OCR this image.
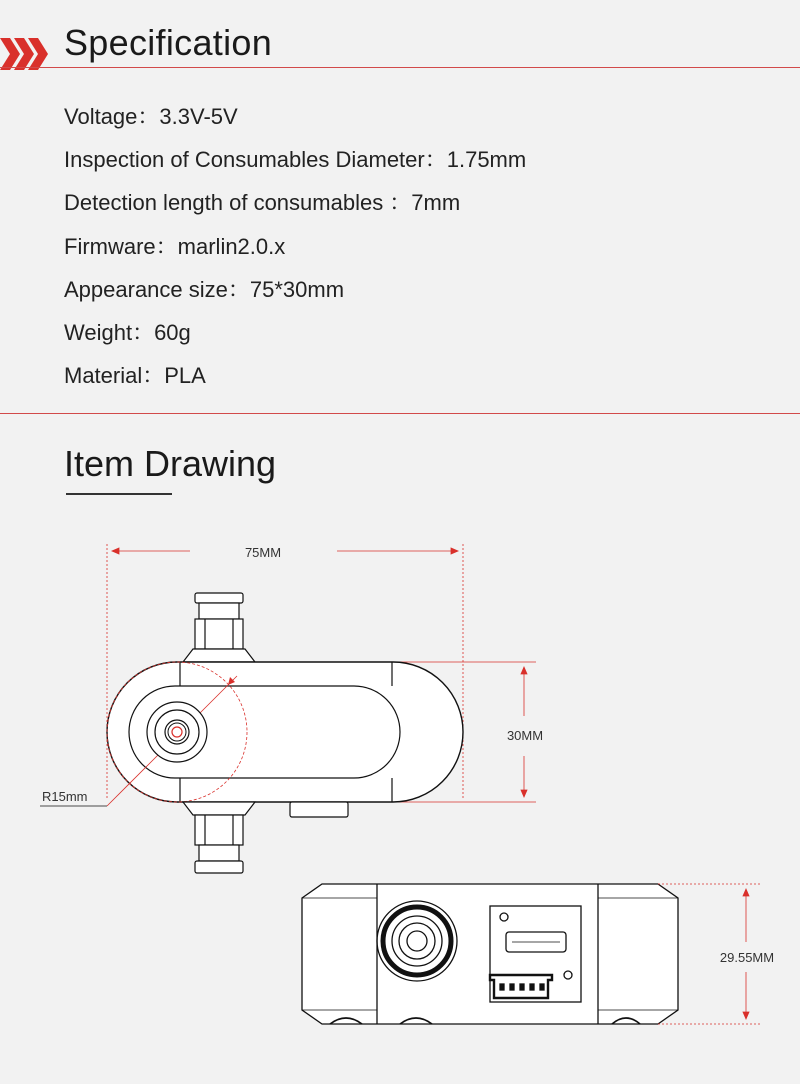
Specification
Voltage：3.3V-5V
Inspection of Consumables Diameter：1.75mm
Detection length of consumables ：7mm
Firmware：marlin2.0.x
Appearance size：75*30mm
Weight：60g
Material：PLA
Item Drawing
75MM
30MM
R15mm
29.55MM
